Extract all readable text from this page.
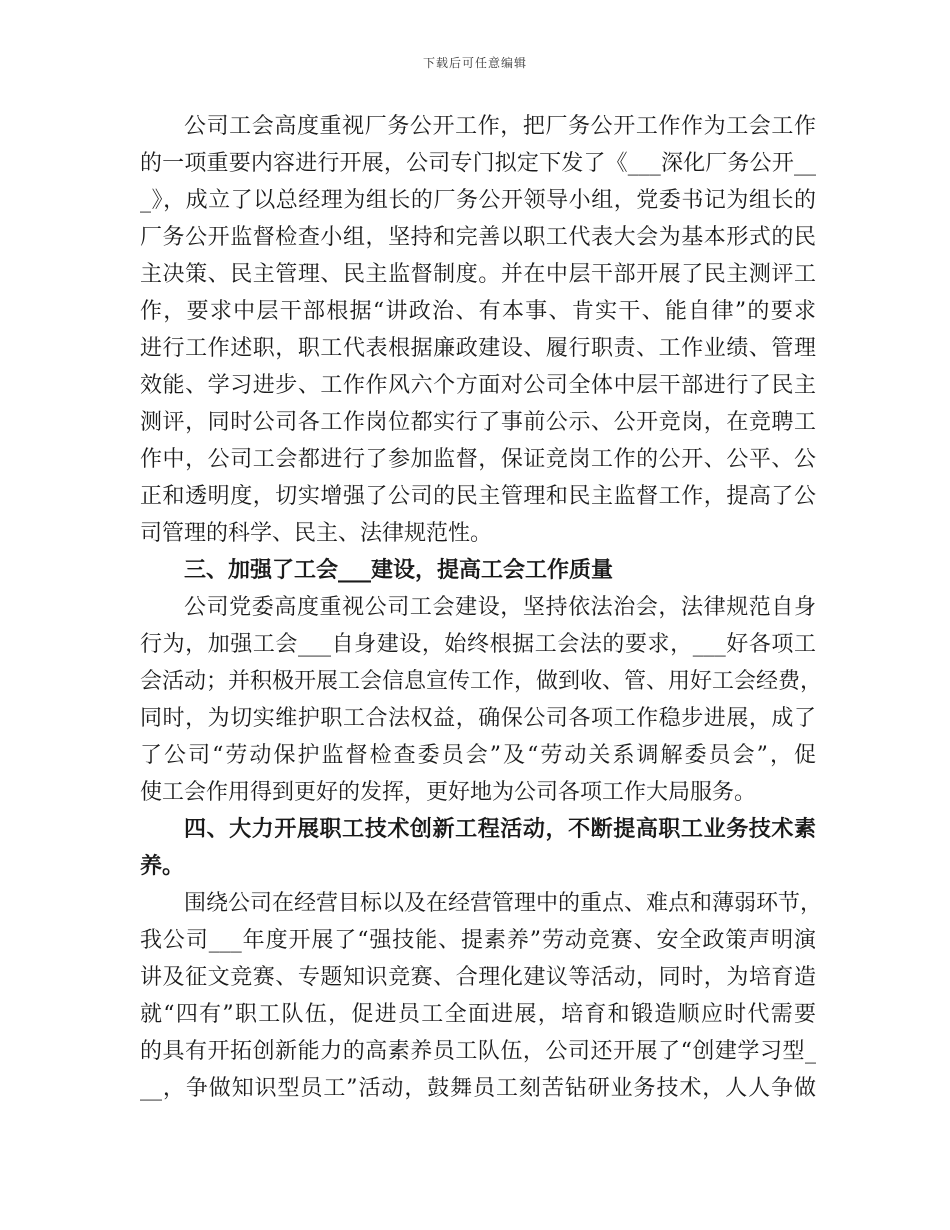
下载后可任意编辑
公司工会高度重视厂务公开工作，把厂务公开工作作为工会工作
的一项重要内容进行开展，公司专门拟定下发了《___深化厂务公开__
_》，成立了以总经理为组长的厂务公开领导小组，党委书记为组长的
厂务公开监督检查小组，坚持和完善以职工代表大会为基本形式的民
主决策、民主管理、民主监督制度。并在中层干部开展了民主测评工
作，要求中层干部根据“讲政治、有本事、肯实干、能自律”的要求
进行工作述职，职工代表根据廉政建设、履行职责、工作业绩、管理
效能、学习进步、工作作风六个方面对公司全体中层干部进行了民主
测评，同时公司各工作岗位都实行了事前公示、公开竞岗，在竞聘工
作中，公司工会都进行了参加监督，保证竞岗工作的公开、公平、公
正和透明度，切实增强了公司的民主管理和民主监督工作，提高了公
司管理的科学、民主、法律规范性。
三、加强了工会___建设，提高工会工作质量
公司党委高度重视公司工会建设，坚持依法治会，法律规范自身
行为，加强工会___自身建设，始终根据工会法的要求，___好各项工
会活动；并积极开展工会信息宣传工作，做到收、管、用好工会经费，
同时，为切实维护职工合法权益，确保公司各项工作稳步进展，成了
了公司“劳动保护监督检查委员会”及“劳动关系调解委员会”，促
使工会作用得到更好的发挥，更好地为公司各项工作大局服务。
四、大力开展职工技术创新工程活动，不断提高职工业务技术素
养。
围绕公司在经营目标以及在经营管理中的重点、难点和薄弱环节，
我公司___年度开展了“强技能、提素养”劳动竞赛、安全政策声明演
讲及征文竞赛、专题知识竞赛、合理化建议等活动，同时，为培育造
就“四有”职工队伍，促进员工全面进展，培育和锻造顺应时代需要
的具有开拓创新能力的高素养员工队伍，公司还开展了“创建学习型_
__，争做知识型员工”活动，鼓舞员工刻苦钻研业务技术，人人争做
